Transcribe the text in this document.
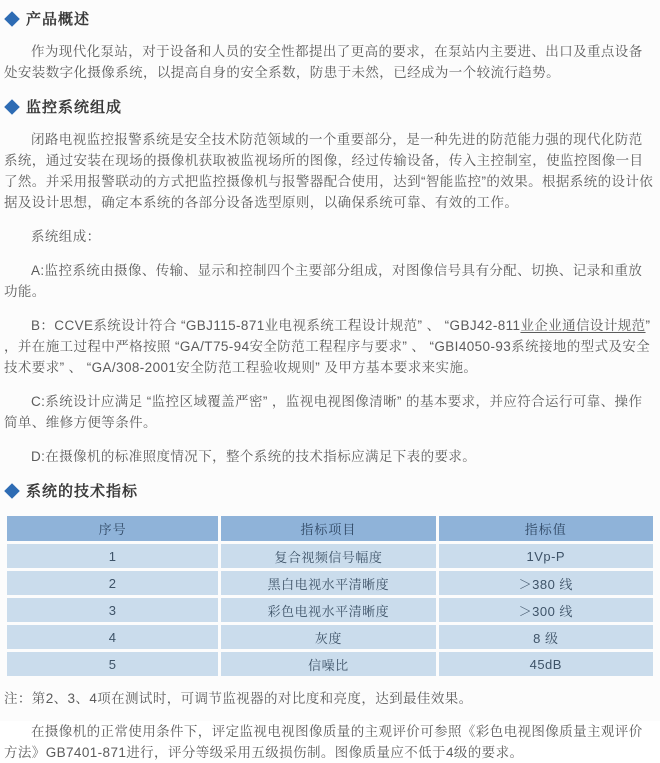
产品概述

作为现代化泵站，对于设备和人员的安全性都提出了更高的要求，在泵站内主要进、出口及重点设备处安装数字化摄像系统，以提高自身的安全系数，防患于未然，已经成为一个较流行趋势。

监控系统组成

闭路电视监控报警系统是安全技术防范领域的一个重要部分，是一种先进的防范能力强的现代化防范系统，通过安装在现场的摄像机获取被监视场所的图像，经过传输设备，传入主控制室，使监控图像一目了然。并采用报警联动的方式把监控摄像机与报警器配合使用，达到“智能监控”的效果。根据系统的设计依据及设计思想，确定本系统的各部分设备选型原则，以确保系统可靠、有效的工作。

系统组成：

A:监控系统由摄像、传输、显示和控制四个主要部分组成，对图像信号具有分配、切换、记录和重放功能。

B：CCVE系统设计符合 “GBJ115-871业电视系统工程设计规范” 、 “GBJ42-811业企业通信设计规范” ，并在施工过程中严格按照 “GA/T75-94安全防范工程程序与要求” 、 “GBI4050-93系统接地的型式及安全技术要求” 、 “GA/308-2001安全防范工程验收规则” 及甲方基本要求来实施。

C:系统设计应满足 “监控区域覆盖严密” ，监视电视图像清晰” 的基本要求，并应符合运行可靠、操作简单、维修方便等条件。

D:在摄像机的标准照度情况下，整个系统的技术指标应满足下表的要求。

系统的技术指标
序号	指标项目	指标值
1	复合视频信号幅度	1Vp-P
2	黑白电视水平清晰度	＞380 线
3	彩色电视水平清晰度	＞300 线
4	灰度	8 级
5	信噪比	45dB

注：第2、3、4项在测试时，可调节监视器的对比度和亮度，达到最佳效果。

在摄像机的正常使用条件下，评定监视电视图像质量的主观评价可参照《彩色电视图像质量主观评价方法》GB7401-871进行，评分等级采用五级损伤制。图像质量应不低于4级的要求。
